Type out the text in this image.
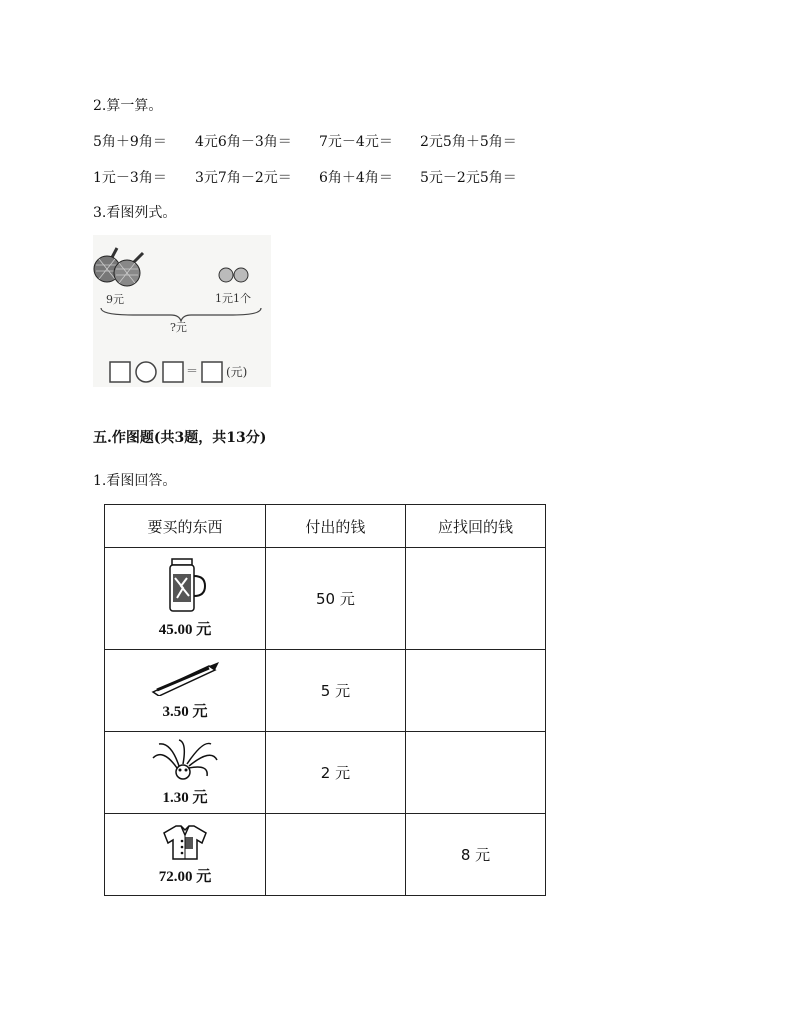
2.算一算。
5角＋9角＝	4元6角－3角＝	7元－4元＝	2元5角＋5角＝
1元－3角＝	3元7角－2元＝	6角＋4角＝	5元－2元5角＝
3.看图列式。
9元	1元1个
?元
＝ (元)
五.作图题(共3题，共13分)
1.看图回答。
要买的东西	付出的钱	应找回的钱

45.00 元	50 元	

3.50 元	5 元	

1.30 元	2 元	

72.00 元		8 元
